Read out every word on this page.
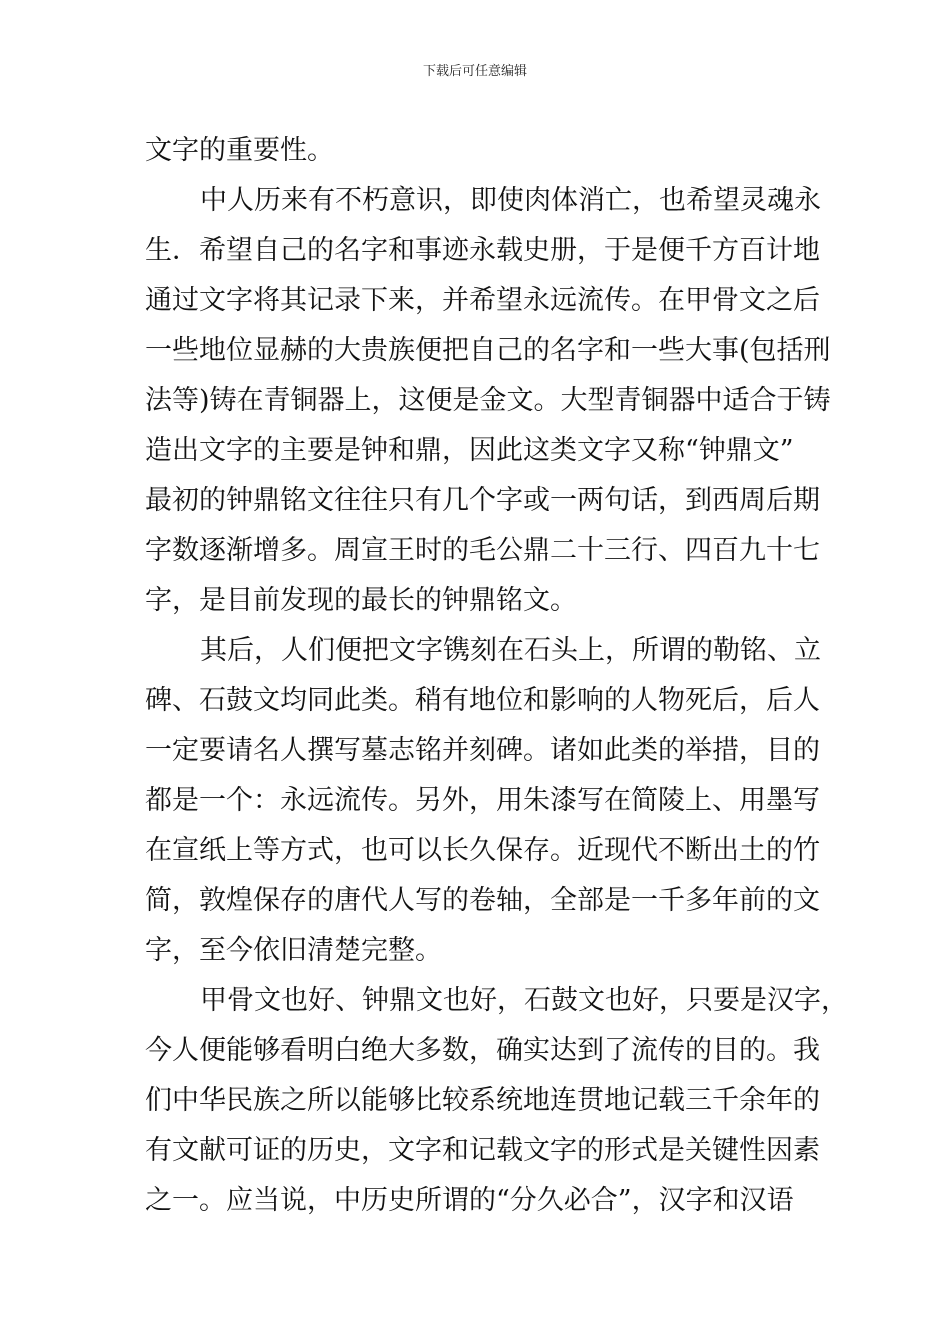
下载后可任意编辑
文字的重要性。
中人历来有不朽意识，即使肉体消亡，也希望灵魂永
生．希望自己的名字和事迹永载史册，于是便千方百计地
通过文字将其记录下来，并希望永远流传。在甲骨文之后
一些地位显赫的大贵族便把自己的名字和一些大事(包括刑
法等)铸在青铜器上，这便是金文。大型青铜器中适合于铸
造出文字的主要是钟和鼎，因此这类文字又称“钟鼎文”
最初的钟鼎铭文往往只有几个字或一两句话，到西周后期
字数逐渐增多。周宣王时的毛公鼎二十三行、四百九十七
字，是目前发现的最长的钟鼎铭文。
其后，人们便把文字镌刻在石头上，所谓的勒铭、立
碑、石鼓文均同此类。稍有地位和影响的人物死后，后人
一定要请名人撰写墓志铭并刻碑。诸如此类的举措，目的
都是一个：永远流传。另外，用朱漆写在简陵上、用墨写
在宣纸上等方式，也可以长久保存。近现代不断出土的竹
简，敦煌保存的唐代人写的卷轴，全部是一千多年前的文
字，至今依旧清楚完整。
甲骨文也好、钟鼎文也好，石鼓文也好，只要是汉字，
今人便能够看明白绝大多数，确实达到了流传的目的。我
们中华民族之所以能够比较系统地连贯地记载三千余年的
有文献可证的历史，文字和记载文字的形式是关键性因素
之一。应当说，中历史所谓的“分久必合”，汉字和汉语
